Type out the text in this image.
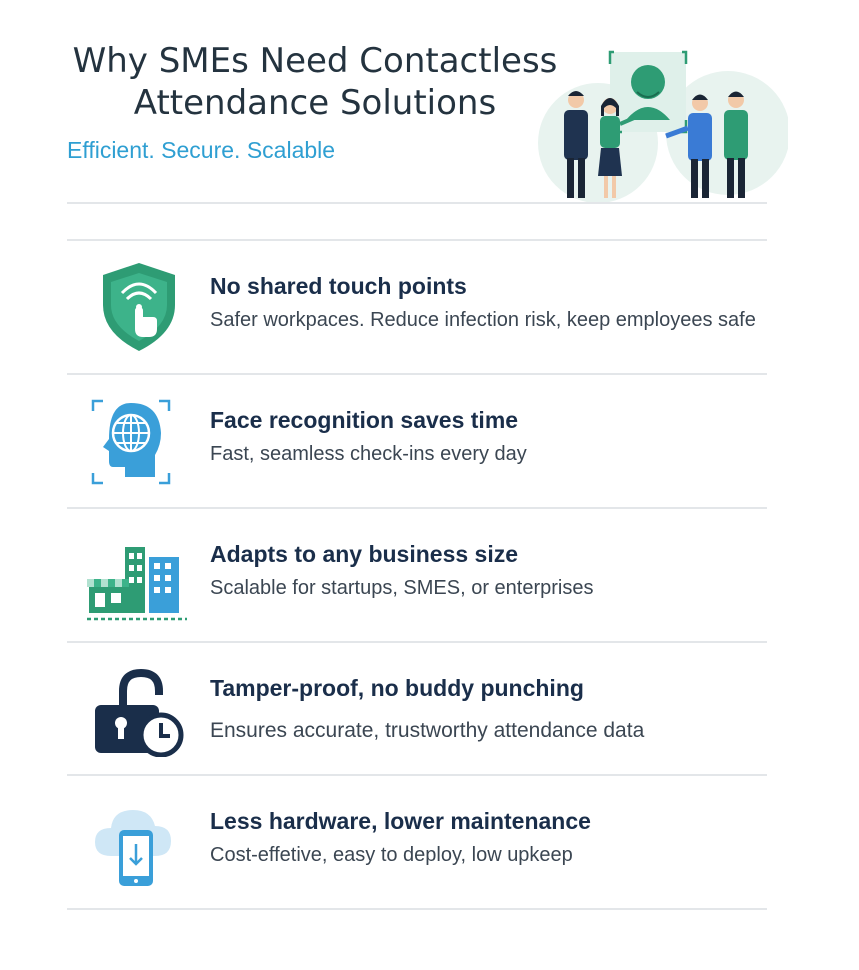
Why SMEs Need Contactless
Attendance Solutions

Efficient. Secure. Scalable

No shared touch points

Safer workpaces. Reduce infection risk, keep employees safe

Face recognition saves time

Fast, seamless check-ins every day

Adapts to any business size

Scalable for startups, SMES, or enterprises

Tamper-proof, no buddy punching

Ensures accurate, trustworthy attendance data

Less hardware, lower maintenance

Cost-effetive, easy to deploy, low upkeep
